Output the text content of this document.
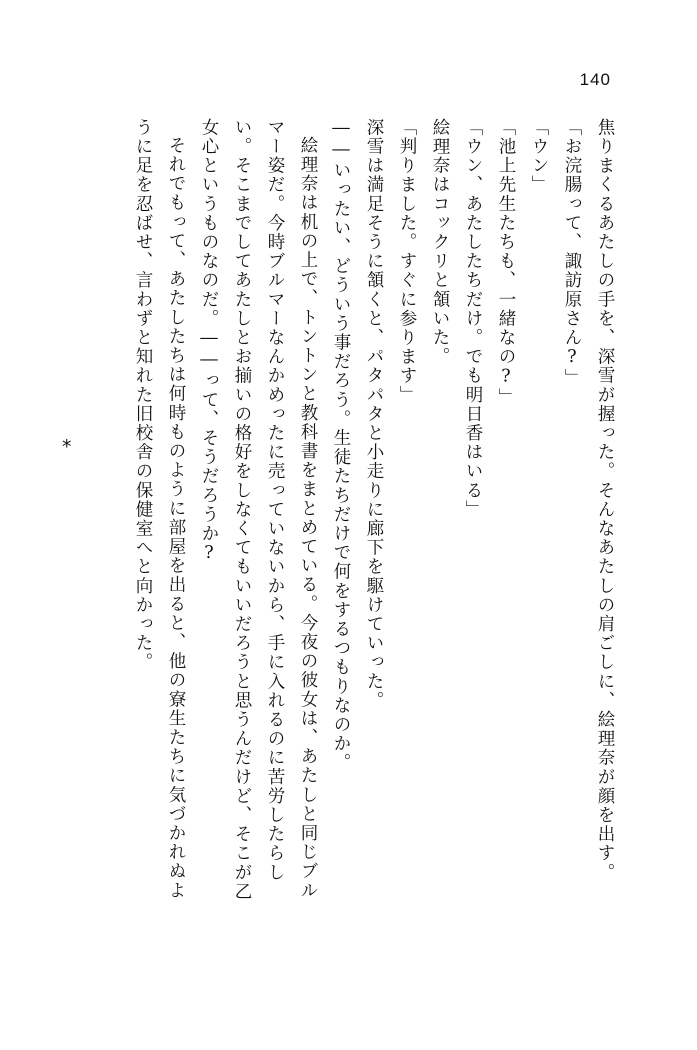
140
*	焦りまくるあたしの手を、深雪が握った。そんなあたしの肩ごしに、絵理奈が顔を出す。

「お浣腸って、諏訪原さん?」

「ウン」

「池上先生たちも、一緒なの?」

「ウン、あたしたちだけ。でも明日香はいる」

絵理奈はコックリと頷いた。

「判りました。すぐに参ります」

深雪は満足そうに頷くと、パタパタと小走りに廊下を駆けていった。

――いったい、どういう事だろう。生徒たちだけで何をするつもりなのか。

絵理奈は机の上で、トントンと教科書をまとめている。今夜の彼女は、あたしと同じブルマー姿だ。今時ブルマーなんかめったに売っていないから、手に入れるのに苦労したらしい。そこまでしてあたしとお揃いの格好をしなくてもいいだろうと思うんだけど、そこが乙女心というものなのだ。――って、そうだろうか?

それでもって、あたしたちは何時ものように部屋を出ると、他の寮生たちに気づかれぬように足を忍ばせ、言わずと知れた旧校舎の保健室へと向かった。
